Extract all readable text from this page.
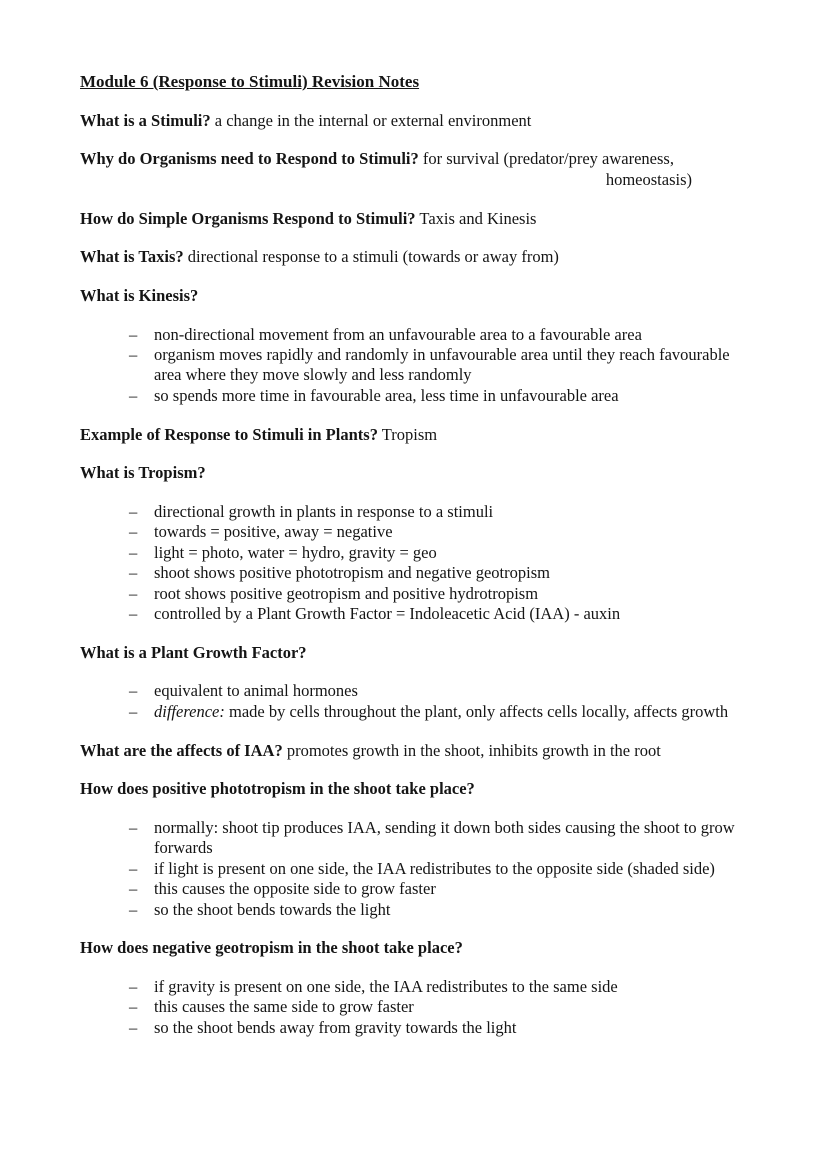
Module 6 (Response to Stimuli) Revision Notes
What is a Stimuli? a change in the internal or external environment
Why do Organisms need to Respond to Stimuli? for survival (predator/prey awareness,
homeostasis)
How do Simple Organisms Respond to Stimuli? Taxis and Kinesis
What is Taxis? directional response to a stimuli (towards or away from)
What is Kinesis?
–	non-directional movement from an unfavourable area to a favourable area
–	organism moves rapidly and randomly in unfavourable area until they reach favourable
area where they move slowly and less randomly
–	so spends more time in favourable area, less time in unfavourable area
Example of Response to Stimuli in Plants? Tropism
What is Tropism?
–	directional growth in plants in response to a stimuli
–	towards = positive, away = negative
–	light = photo, water = hydro, gravity = geo
–	shoot shows positive phototropism and negative geotropism
–	root shows positive geotropism and positive hydrotropism
–	controlled by a Plant Growth Factor = Indoleacetic Acid (IAA) - auxin
What is a Plant Growth Factor?
–	equivalent to animal hormones
–	difference: made by cells throughout the plant, only affects cells locally, affects growth
What are the affects of IAA? promotes growth in the shoot, inhibits growth in the root
How does positive phototropism in the shoot take place?
–	normally: shoot tip produces IAA, sending it down both sides causing the shoot to grow
forwards
–	if light is present on one side, the IAA redistributes to the opposite side (shaded side)
–	this causes the opposite side to grow faster
–	so the shoot bends towards the light
How does negative geotropism in the shoot take place?
–	if gravity is present on one side, the IAA redistributes to the same side
–	this causes the same side to grow faster
–	so the shoot bends away from gravity towards the light
